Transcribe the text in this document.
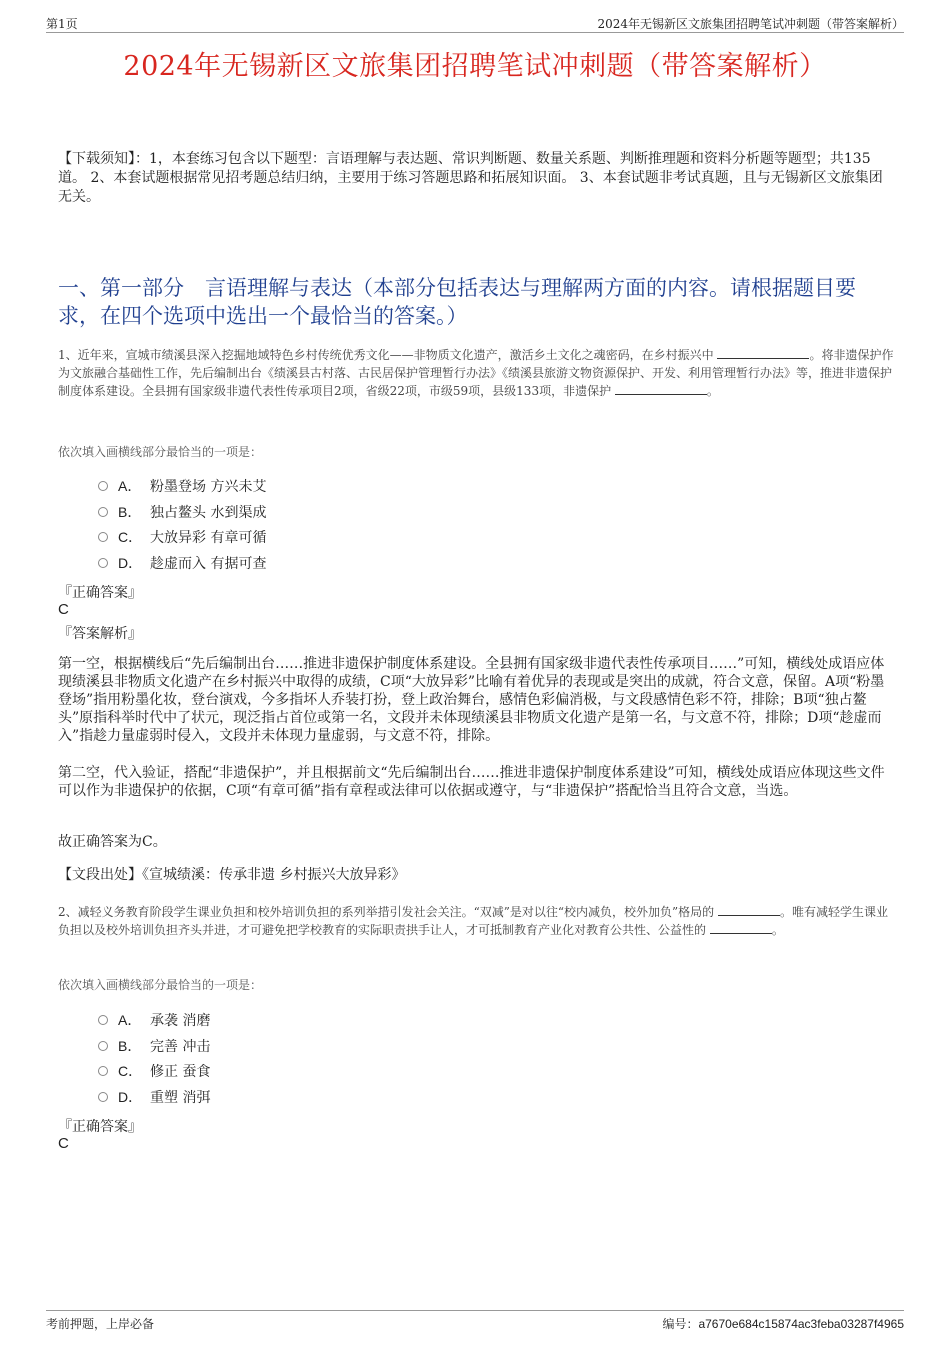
第1页	2024年无锡新区文旅集团招聘笔试冲刺题（带答案解析）
2024年无锡新区文旅集团招聘笔试冲刺题（带答案解析）
【下载须知】：1，本套练习包含以下题型：言语理解与表达题、常识判断题、数量关系题、判断推理题和资料分析题等题型；共135道。 2、本套试题根据常见招考题总结归纳，主要用于练习答题思路和拓展知识面。 3、本套试题非考试真题，且与无锡新区文旅集团无关。
一、第一部分　言语理解与表达（本部分包括表达与理解两方面的内容。请根据题目要求，在四个选项中选出一个最恰当的答案。）
1、近年来，宣城市绩溪县深入挖掘地域特色乡村传统优秀文化——非物质文化遗产，激活乡土文化之魂密码，在乡村振兴中	。将非遗保护作为文旅融合基础性工作，先后编制出台《绩溪县古村落、古民居保护管理暂行办法》《绩溪县旅游文物资源保护、开发、利用管理暂行办法》等，推进非遗保护制度体系建设。全县拥有国家级非遗代表性传承项目2项，省级22项，市级59项，县级133项，非遗保护	。
依次填入画横线部分最恰当的一项是：
A． 粉墨登场 方兴未艾
B． 独占鳌头 水到渠成
C． 大放异彩 有章可循
D． 趁虚而入 有据可查
『正确答案』
C
『答案解析』
第一空，根据横线后“先后编制出台……推进非遗保护制度体系建设。全县拥有国家级非遗代表性传承项目……”可知，横线处成语应体现绩溪县非物质文化遗产在乡村振兴中取得的成绩，C项“大放异彩”比喻有着优异的表现或是突出的成就，符合文意，保留。A项“粉墨登场”指用粉墨化妆，登台演戏，今多指坏人乔装打扮，登上政治舞台，感情色彩偏消极，与文段感情色彩不符，排除；B项“独占鳌头”原指科举时代中了状元，现泛指占首位或第一名，文段并未体现绩溪县非物质文化遗产是第一名，与文意不符，排除；D项“趁虚而入”指趁力量虚弱时侵入，文段并未体现力量虚弱，与文意不符，排除。
第二空，代入验证，搭配“非遗保护”，并且根据前文“先后编制出台……推进非遗保护制度体系建设”可知，横线处成语应体现这些文件可以作为非遗保护的依据，C项“有章可循”指有章程或法律可以依据或遵守，与“非遗保护”搭配恰当且符合文意，当选。
故正确答案为C。
【文段出处】《宣城绩溪：传承非遗 乡村振兴大放异彩》
2、减轻义务教育阶段学生课业负担和校外培训负担的系列举措引发社会关注。“双减”是对以往“校内减负，校外加负”格局的	。唯有减轻学生课业负担以及校外培训负担齐头并进，才可避免把学校教育的实际职责拱手让人，才可抵制教育产业化对教育公共性、公益性的	。
依次填入画横线部分最恰当的一项是：
A． 承袭 消磨
B． 完善 冲击
C． 修正 蚕食
D． 重塑 消弭
『正确答案』
C
考前押题，上岸必备	编号：a7670e684c15874ac3feba03287f4965
